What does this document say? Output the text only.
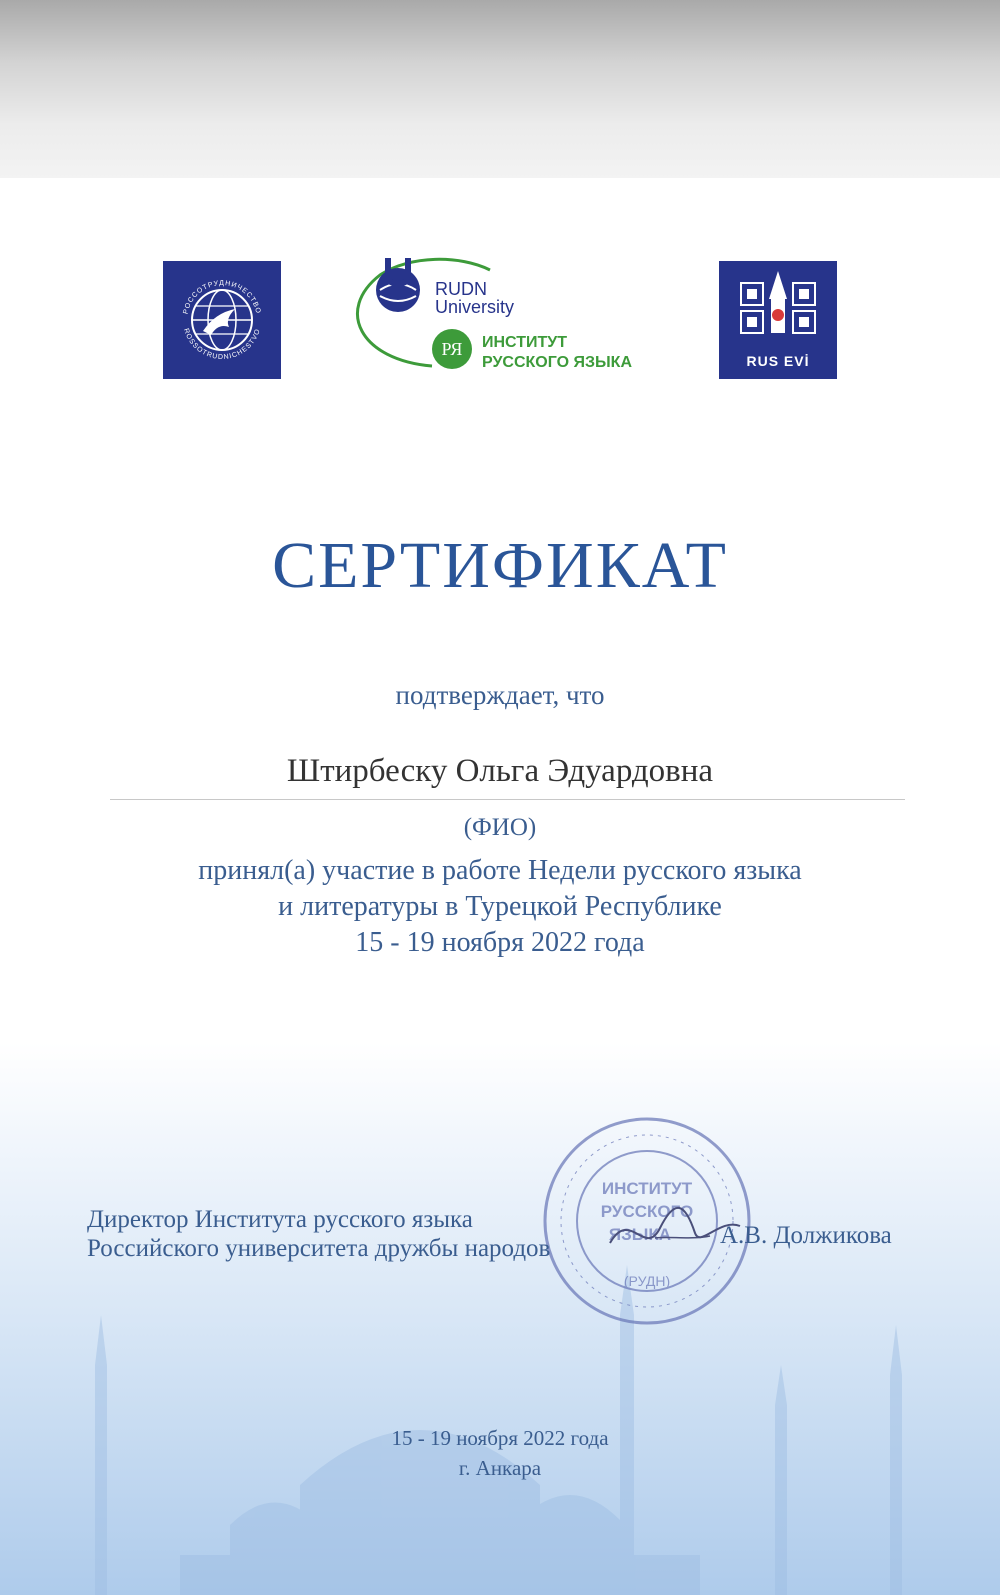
РОССОТРУДНИЧЕСТВО
ROSSOTRUDNICHESTVO
RUDN
University
РЯ	ИНСТИТУТ
РУССКОГО ЯЗЫКА	RUS EVİ
СЕРТИФИКАТ
подтверждает, что
Штирбеску Ольга Эдуардовна
(ФИО)
принял(а) участие в работе Недели русского языка
и литературы в Турецкой Республике
15 - 19 ноября 2022 года
ИНСТИТУТ
РУССКОГО
ЯЗЫКА
(РУДН)
Директор Института русского языка
Российского университета дружбы народов	А.В. Должикова
15 - 19 ноября 2022 года
г. Анкара
